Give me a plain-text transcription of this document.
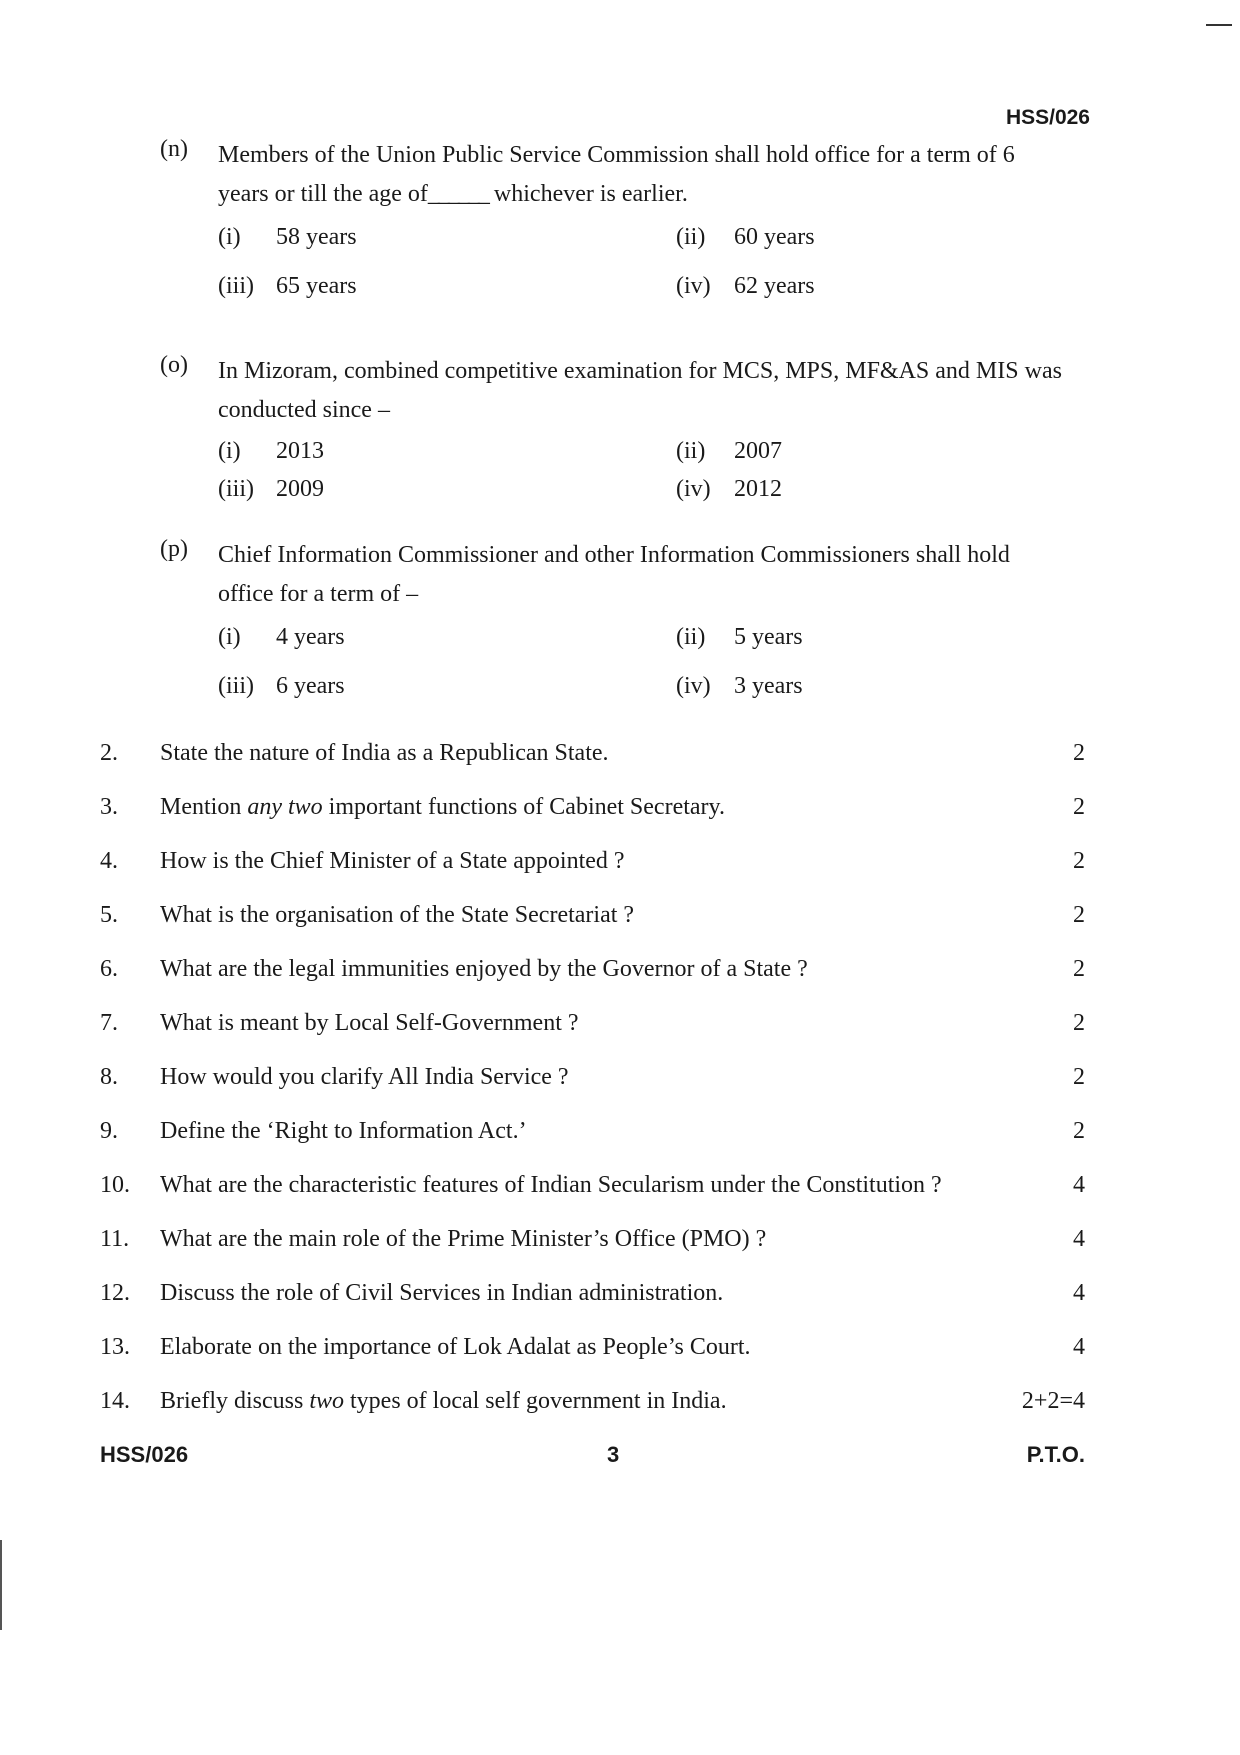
HSS/026
(n) Members of the Union Public Service Commission shall hold office for a term of 6
years or till the age of______ whichever is earlier.
(i) 58 years	(ii) 60 years
(iii) 65 years	(iv) 62 years
(o) In Mizoram, combined competitive examination for MCS, MPS, MF&AS and MIS was
conducted since –
(i) 2013	(ii) 2007
(iii) 2009	(iv) 2012
(p) Chief Information Commissioner and other Information Commissioners shall hold
office for a term of –
(i) 4 years	(ii) 5 years
(iii) 6 years	(iv) 3 years
2. State the nature of India as a Republican State.	2
3. Mention any two important functions of Cabinet Secretary.	2
4. How is the Chief Minister of a State appointed ?	2
5. What is the organisation of the State Secretariat ?	2
6. What are the legal immunities enjoyed by the Governor of a State ?	2
7. What is meant by Local Self-Government ?	2
8. How would you clarify All India Service ?	2
9. Define the ‘Right to Information Act.’	2
10. What are the characteristic features of Indian Secularism under the Constitution ?	4
11. What are the main role of the Prime Minister’s Office (PMO) ?	4
12. Discuss the role of Civil Services in Indian administration.	4
13. Elaborate on the importance of Lok Adalat as People’s Court.	4
14. Briefly discuss two types of local self government in India.	2+2=4
HSS/026	3	P.T.O.
